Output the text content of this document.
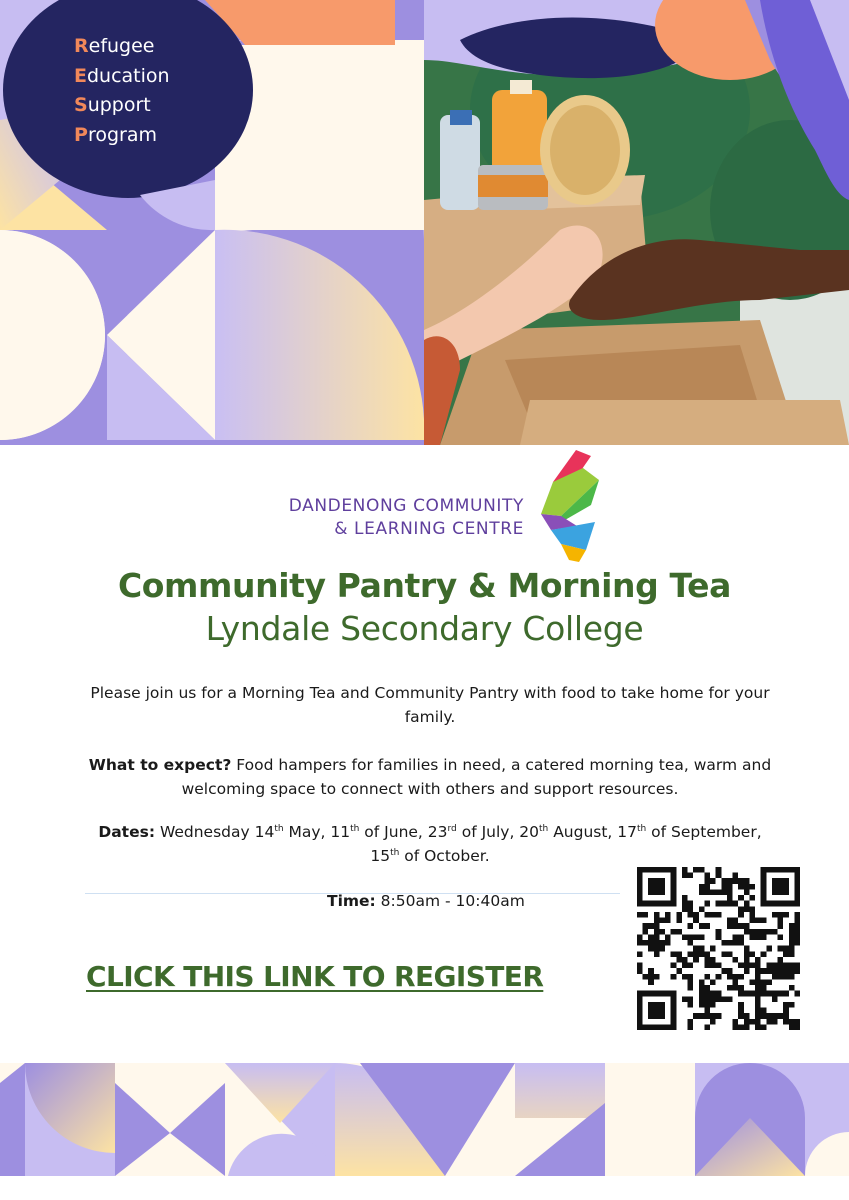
Refugee
Education
Support
Program
DANDENONG COMMUNITY
& LEARNING CENTRE
Community Pantry & Morning Tea
Lyndale Secondary College
Please join us for a Morning Tea and Community Pantry with food to take home for your family.
What to expect? Food hampers for families in need, a catered morning tea, warm and welcoming space to connect with others and support resources.
Dates: Wednesday 14th May, 11th of June, 23rd of July, 20th August, 17th of September, 15th of October.
Time: 8:50am - 10:40am
CLICK THIS LINK TO REGISTER
